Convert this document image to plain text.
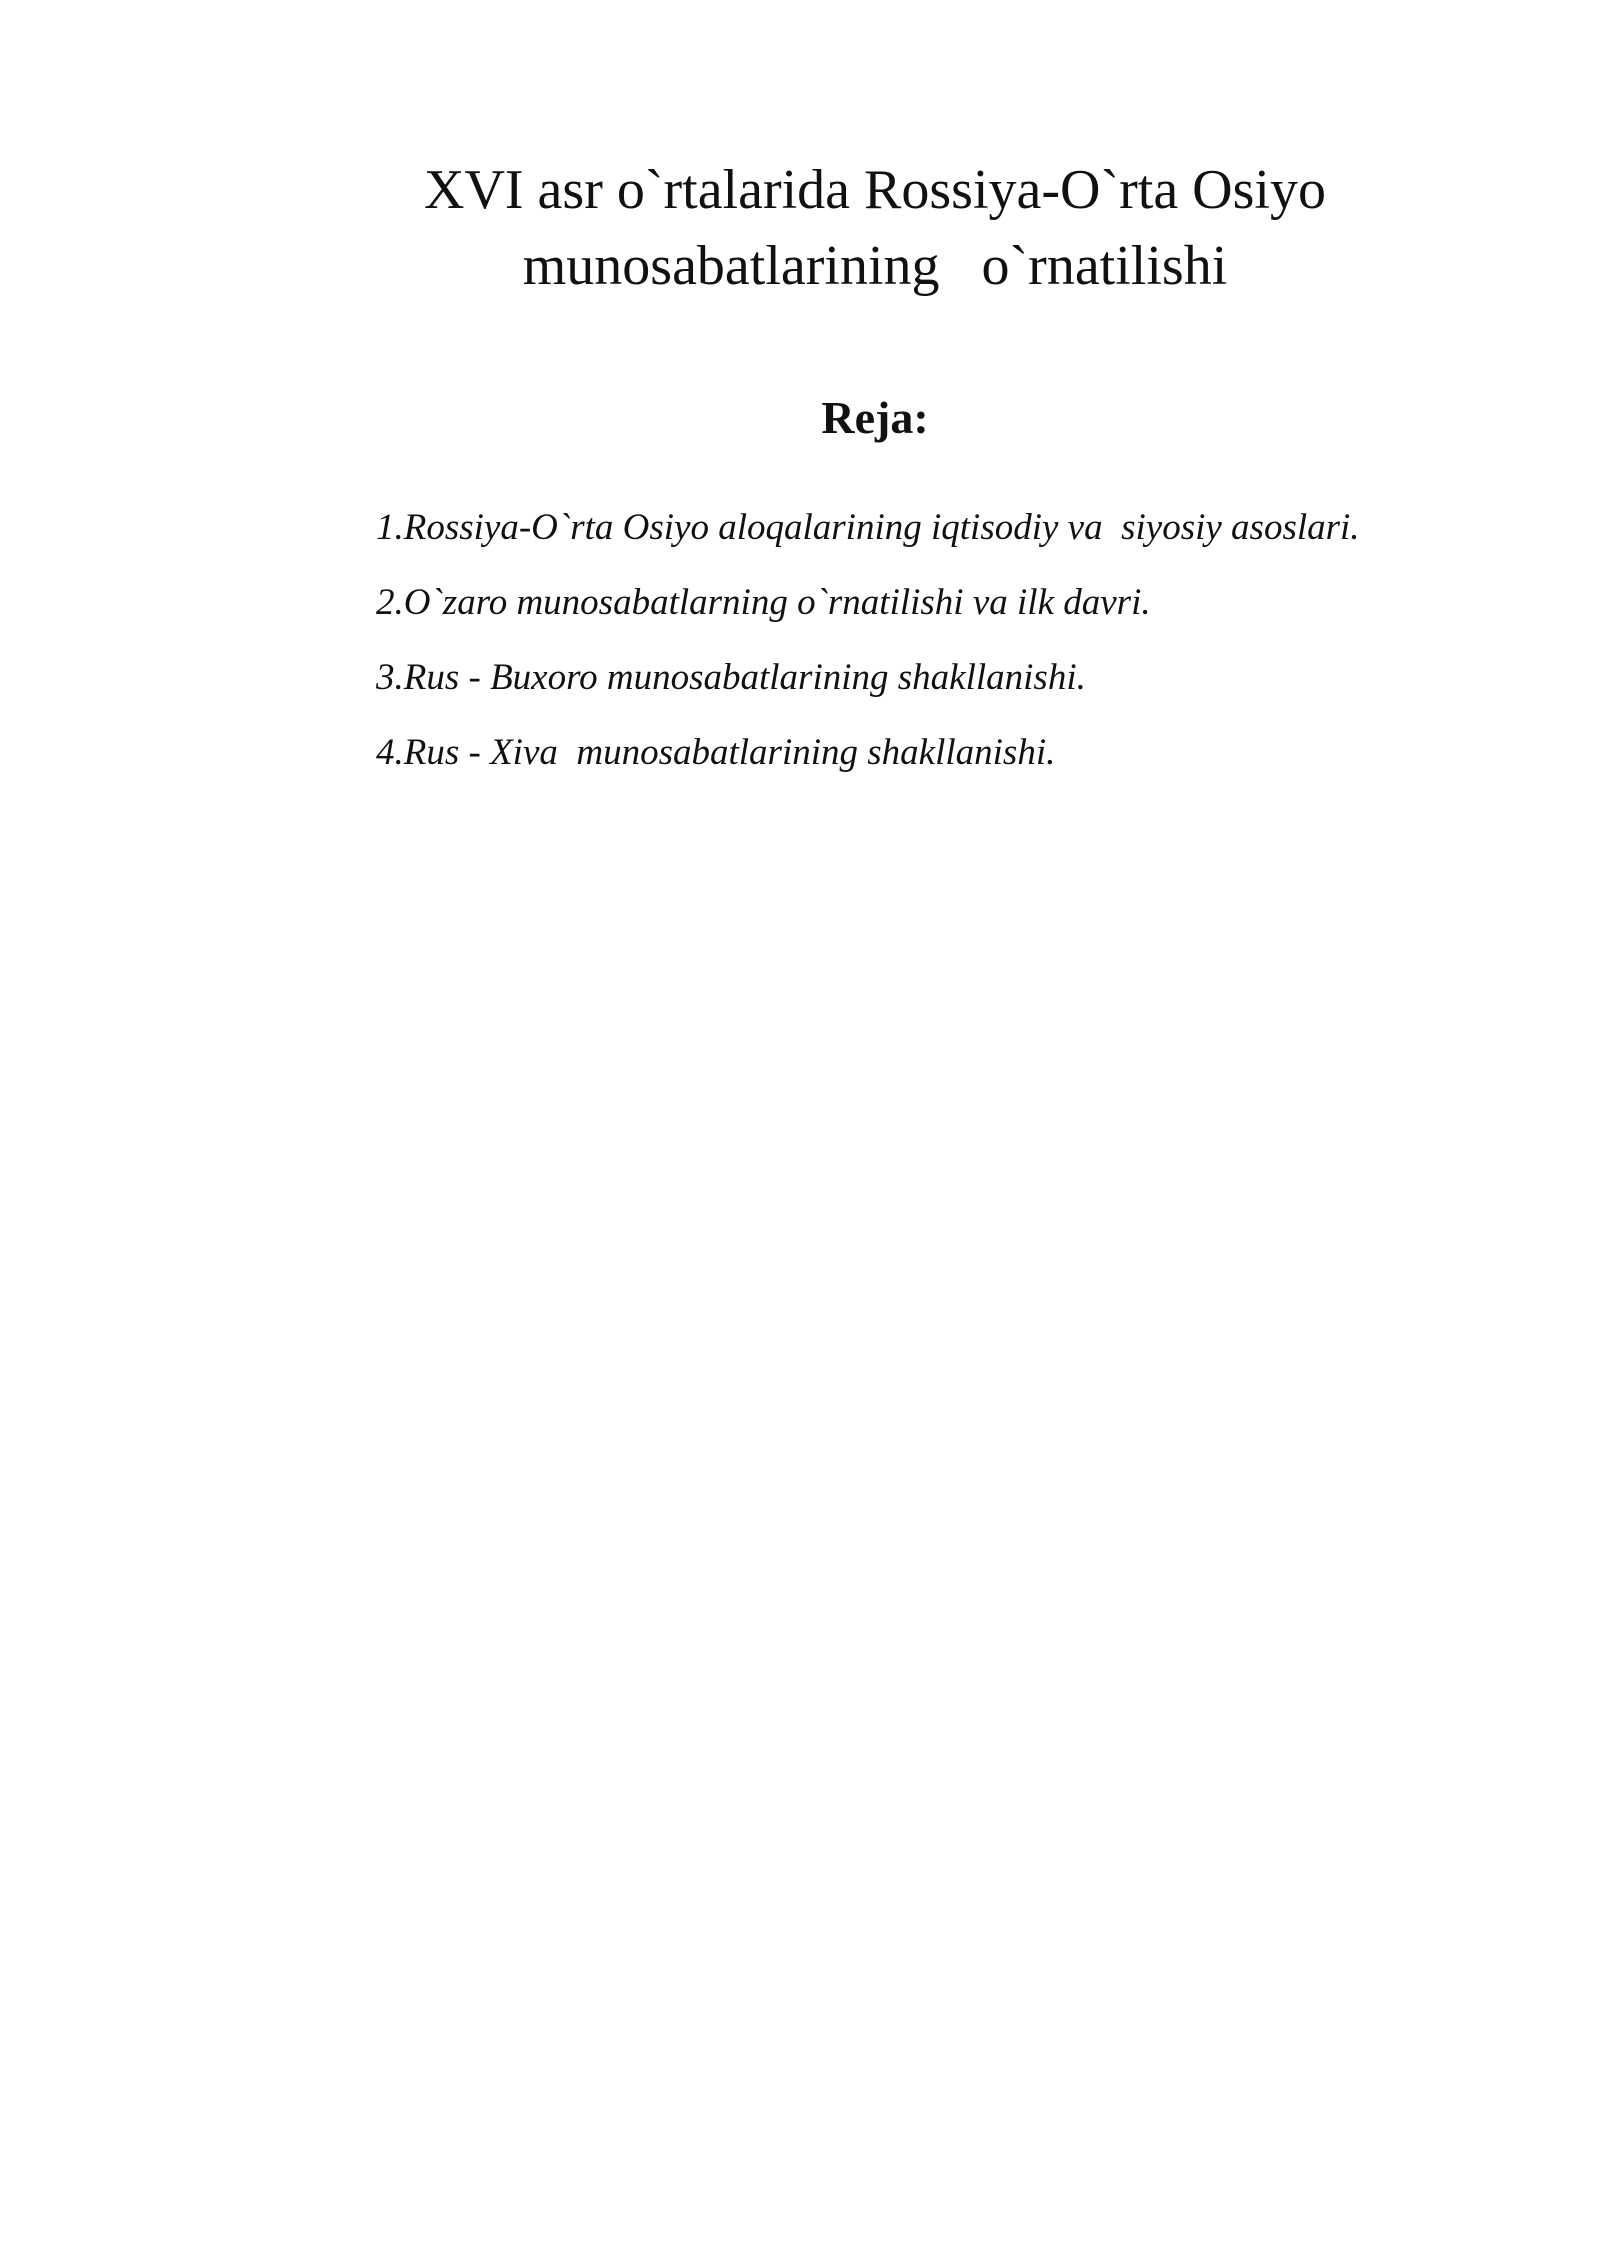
XVI asr o`rtalarida Rossiya-O`rta Osiyo
munosabatlarining   o`rnatilishi
Reja:
1.Rossiya-O`rta Osiyo aloqalarining iqtisodiy va  siyosiy asoslari.
2.O`zaro munosabatlarning o`rnatilishi va ilk davri.
3.Rus - Buxoro munosabatlarining shakllanishi.
4.Rus - Xiva  munosabatlarining shakllanishi.
